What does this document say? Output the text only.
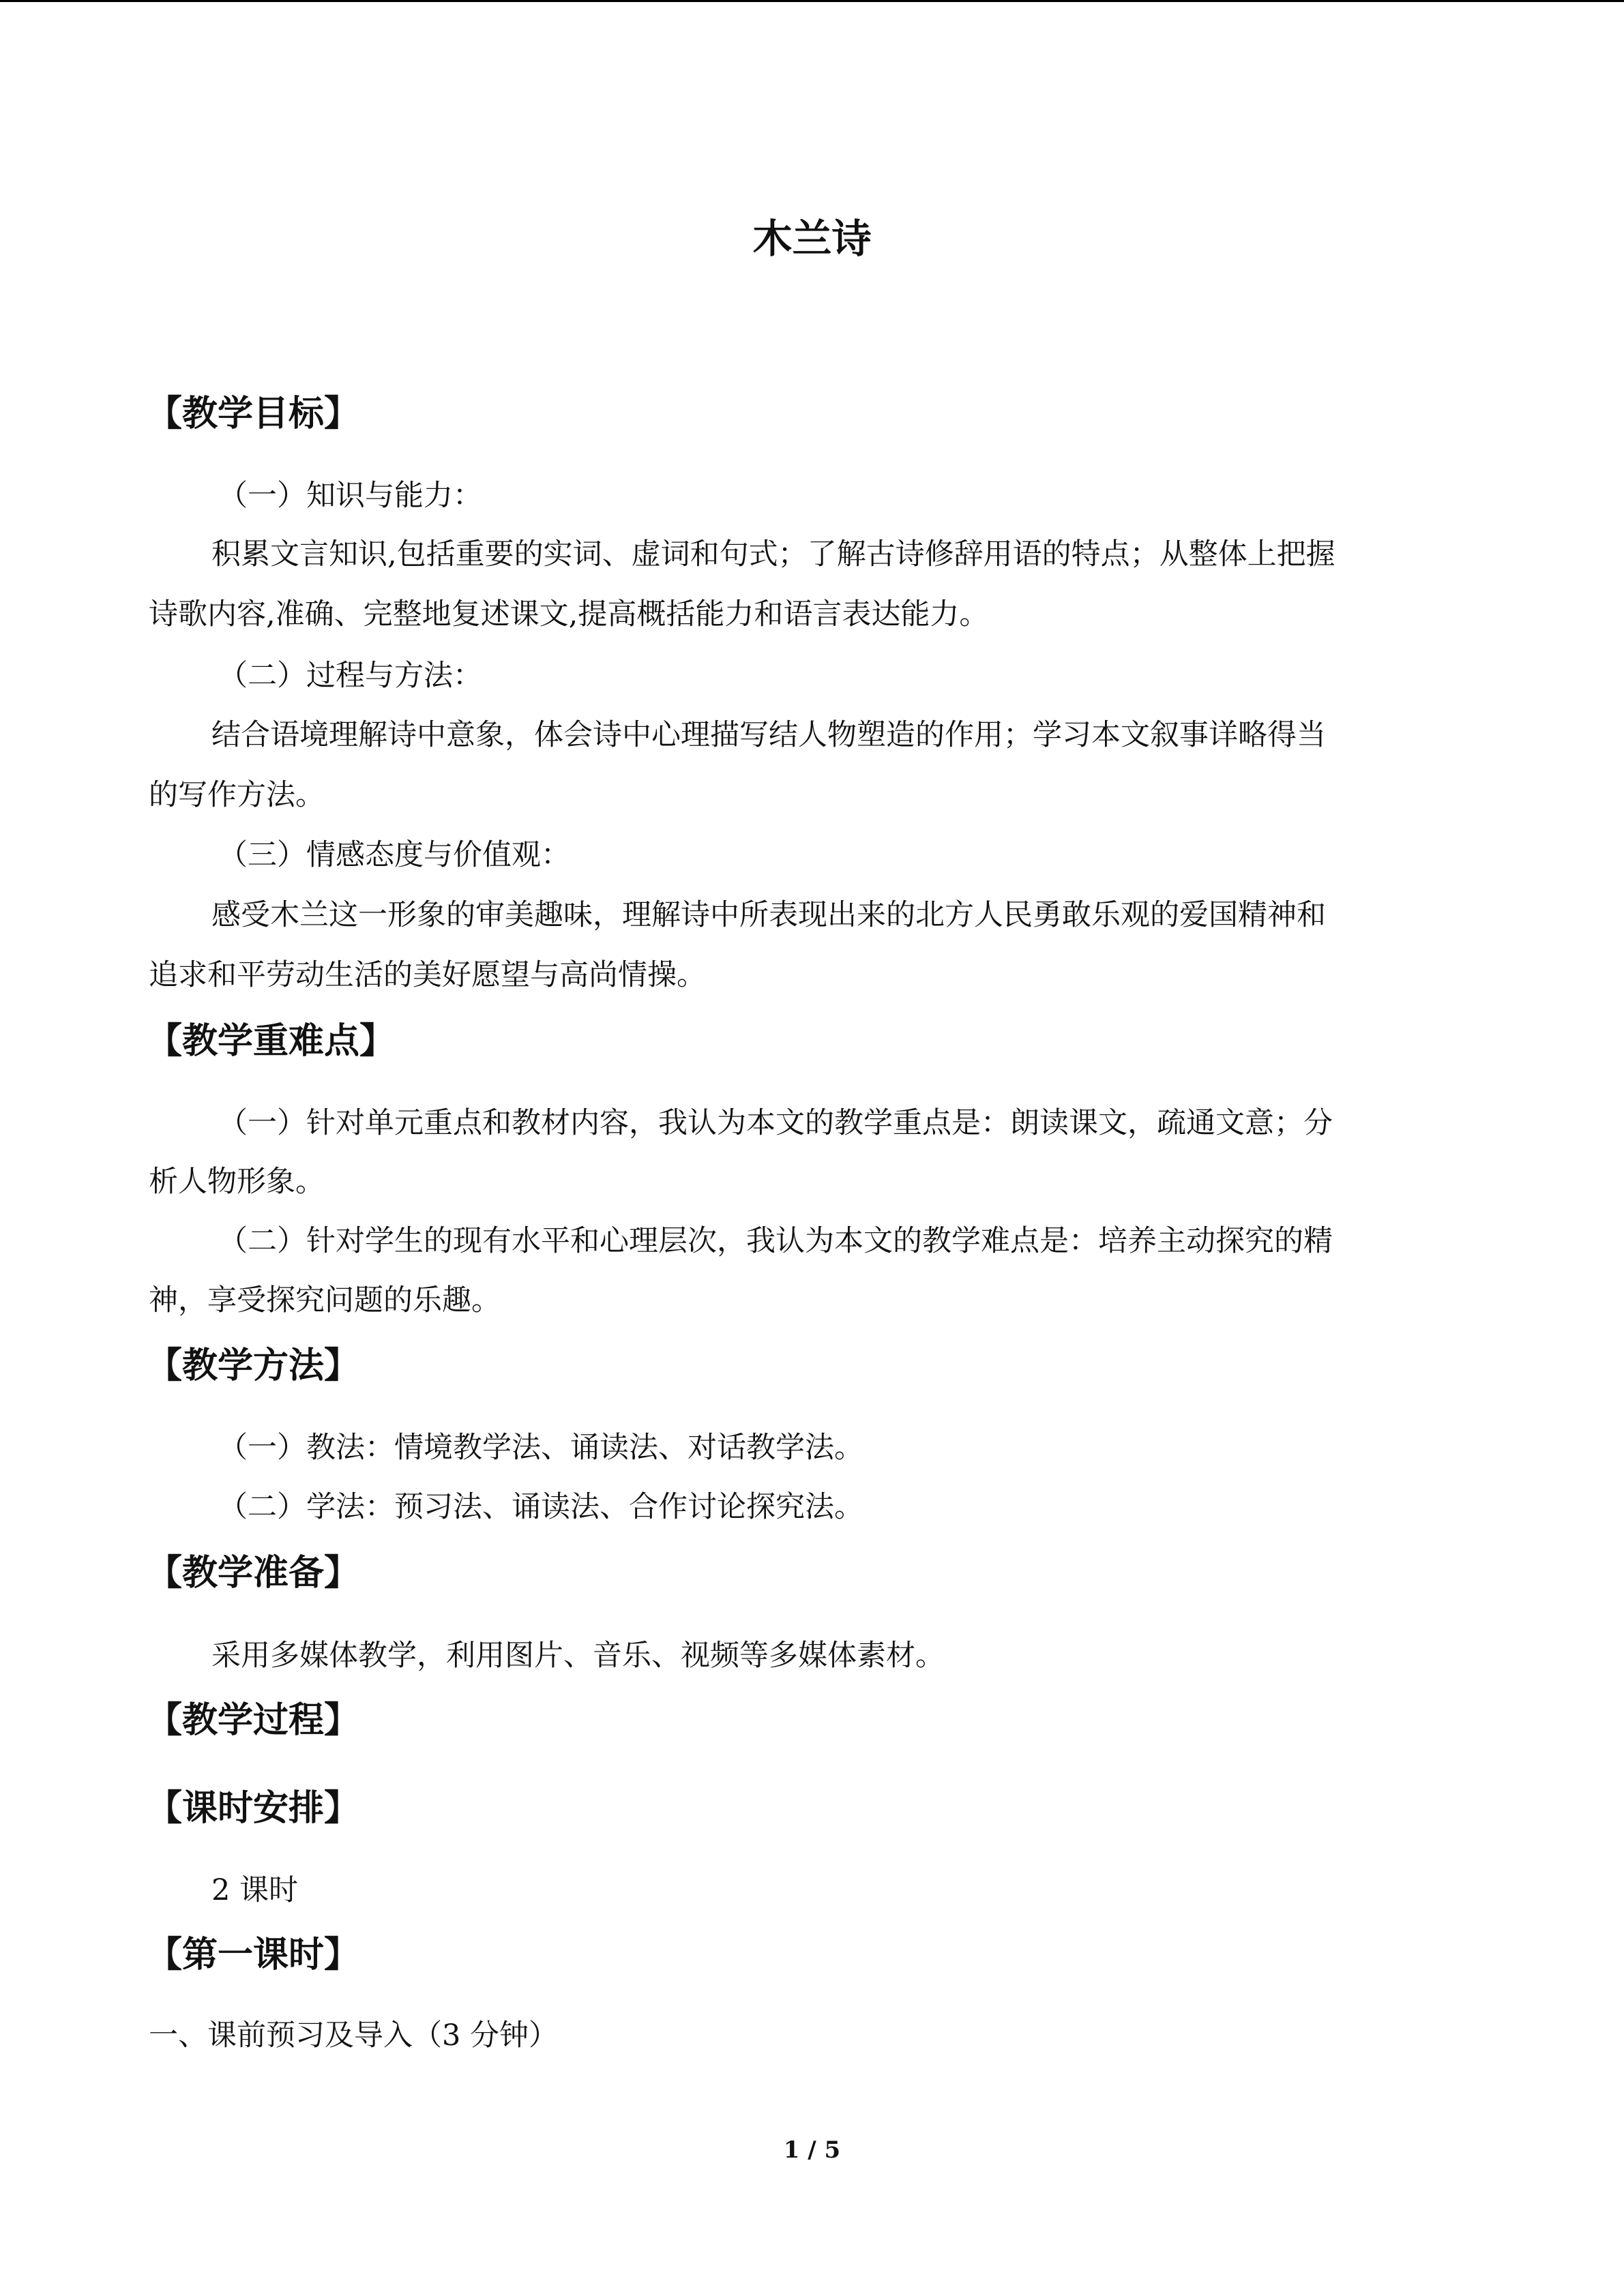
木兰诗
【教学目标】
（一）知识与能力：
积累文言知识,包括重要的实词、虚词和句式；了解古诗修辞用语的特点；从整体上把握
诗歌内容,准确、完整地复述课文,提高概括能力和语言表达能力。
（二）过程与方法：
结合语境理解诗中意象，体会诗中心理描写结人物塑造的作用；学习本文叙事详略得当
的写作方法。
（三）情感态度与价值观：
感受木兰这一形象的审美趣味，理解诗中所表现出来的北方人民勇敢乐观的爱国精神和
追求和平劳动生活的美好愿望与高尚情操。
【教学重难点】
（一）针对单元重点和教材内容，我认为本文的教学重点是：朗读课文，疏通文意；分
析人物形象。
（二）针对学生的现有水平和心理层次，我认为本文的教学难点是：培养主动探究的精
神，享受探究问题的乐趣。
【教学方法】
（一）教法：情境教学法、诵读法、对话教学法。
（二）学法：预习法、诵读法、合作讨论探究法。
【教学准备】
采用多媒体教学，利用图片、音乐、视频等多媒体素材。
【教学过程】
【课时安排】
2 课时
【第一课时】
一、课前预习及导入（3 分钟）
1 / 5
